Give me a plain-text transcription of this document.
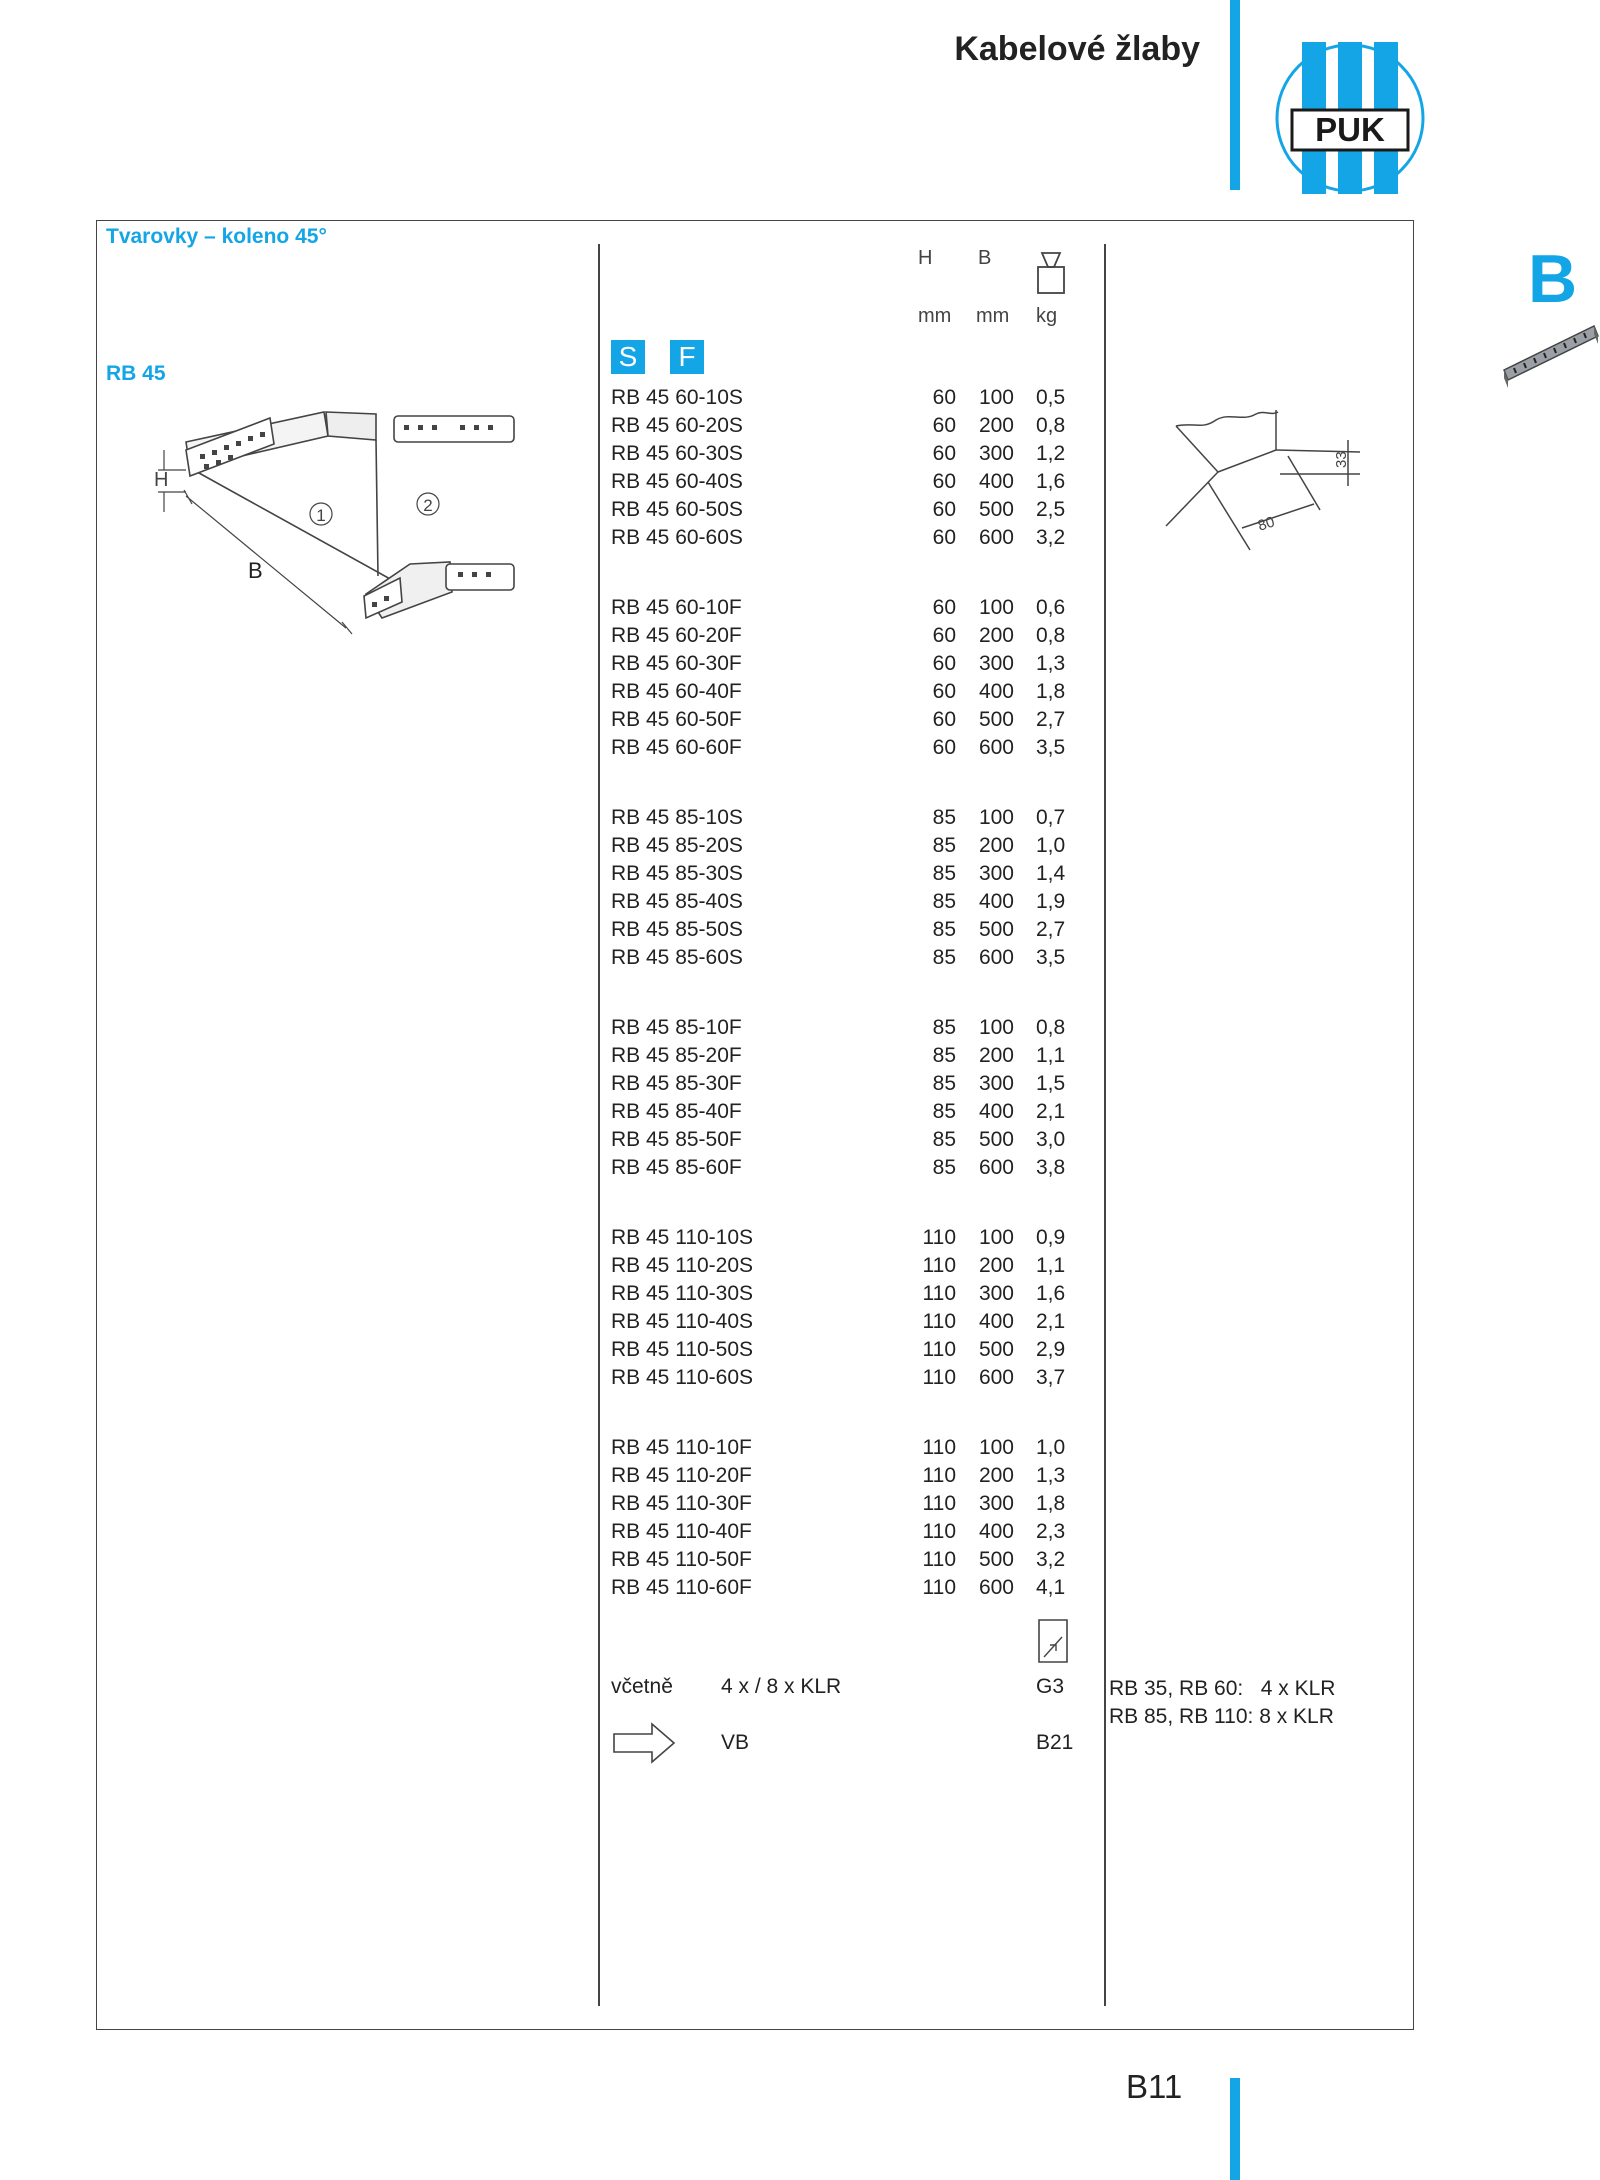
Kabelové žlaby
PUK
B
Tvarovky – koleno 45°
RB 45
H
B
1
2
H B
mm mm kg
S	F
RB 45 60-10S	60	100 0,5
RB 45 60-20S	60	200 0,8
RB 45 60-30S	60	300 1,2
RB 45 60-40S	60	400 1,6
RB 45 60-50S	60	500 2,5
RB 45 60-60S	60	600 3,2
RB 45 60-10F	60	100 0,6
RB 45 60-20F	60	200 0,8
RB 45 60-30F	60	300 1,3
RB 45 60-40F	60	400 1,8
RB 45 60-50F	60	500 2,7
RB 45 60-60F	60	600 3,5
RB 45 85-10S	85	100 0,7
RB 45 85-20S	85	200 1,0
RB 45 85-30S	85	300 1,4
RB 45 85-40S	85	400 1,9
RB 45 85-50S	85	500 2,7
RB 45 85-60S	85	600 3,5
RB 45 85-10F	85	100 0,8
RB 45 85-20F	85	200 1,1
RB 45 85-30F	85	300 1,5
RB 45 85-40F	85	400 2,1
RB 45 85-50F	85	500 3,0
RB 45 85-60F	85	600 3,8
RB 45 110-10S	110	100 0,9
RB 45 110-20S	110	200 1,1
RB 45 110-30S	110	300 1,6
RB 45 110-40S	110	400 2,1
RB 45 110-50S	110	500 2,9
RB 45 110-60S	110	600 3,7
RB 45 110-10F	110	100 1,0
RB 45 110-20F	110	200 1,3
RB 45 110-30F	110	300 1,8
RB 45 110-40F	110	400 2,3
RB 45 110-50F	110	500 3,2
RB 45 110-60F	110	600 4,1
33
80
včetně 4 x / 8 x KLR	G3 RB 35, RB 60:   4 x KLR
RB 85, RB 110: 8 x KLR
VB	B21
B11
